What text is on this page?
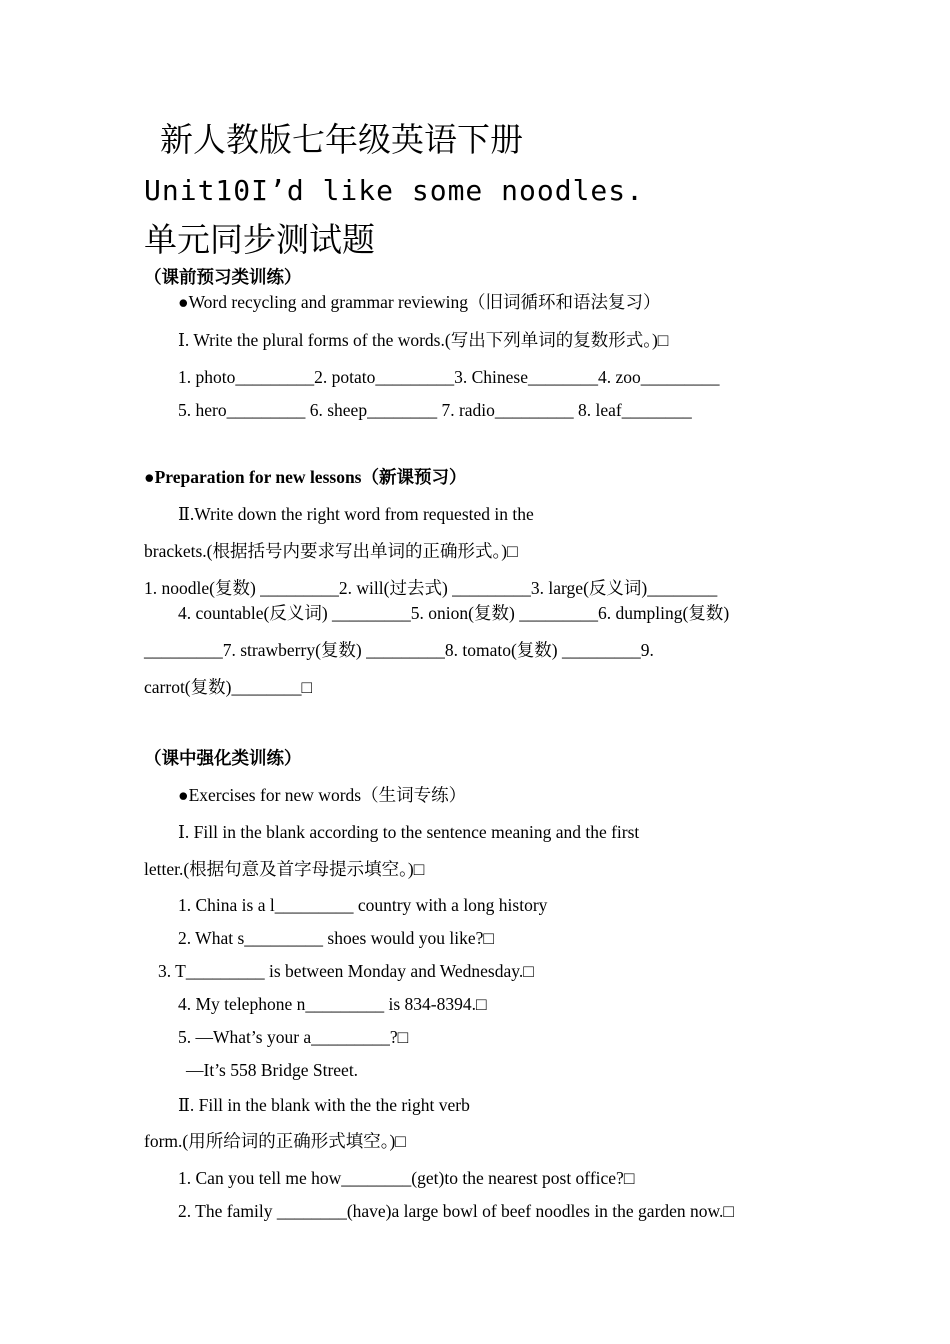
新人教版七年级英语下册
Unit10I’d like some noodles.
单元同步测试题
（课前预习类训练）
●Word recycling and grammar reviewing（旧词循环和语法复习）
Ⅰ. Write the plural forms of the words.(写出下列单词的复数形式。)□
1. photo_________2. potato_________3. Chinese________4. zoo_________
5. hero_________ 6. sheep________ 7. radio_________ 8. leaf________
●Preparation for new lessons（新课预习）
Ⅱ.Write down the right word from requested in the
brackets.(根据括号内要求写出单词的正确形式。)□
1. noodle(复数) _________2. will(过去式) _________3. large(反义词)________
4. countable(反义词) _________5. onion(复数) _________6. dumpling(复数)
_________7. strawberry(复数) _________8. tomato(复数) _________9.
carrot(复数)________□
（课中强化类训练）
●Exercises for new words（生词专练）
Ⅰ. Fill in the blank according to the sentence meaning and the first
letter.(根据句意及首字母提示填空。)□
1. China is a l_________ country with a long history
2. What s_________ shoes would you like?□
3. T_________ is between Monday and Wednesday.□
4. My telephone n_________ is 834-8394.□
5. —What’s your a_________?□
—It’s 558 Bridge Street.
Ⅱ. Fill in the blank with the the right verb
form.(用所给词的正确形式填空。)□
1. Can you tell me how________(get)to the nearest post office?□
2. The family ________(have)a large bowl of beef noodles in the garden now.□
